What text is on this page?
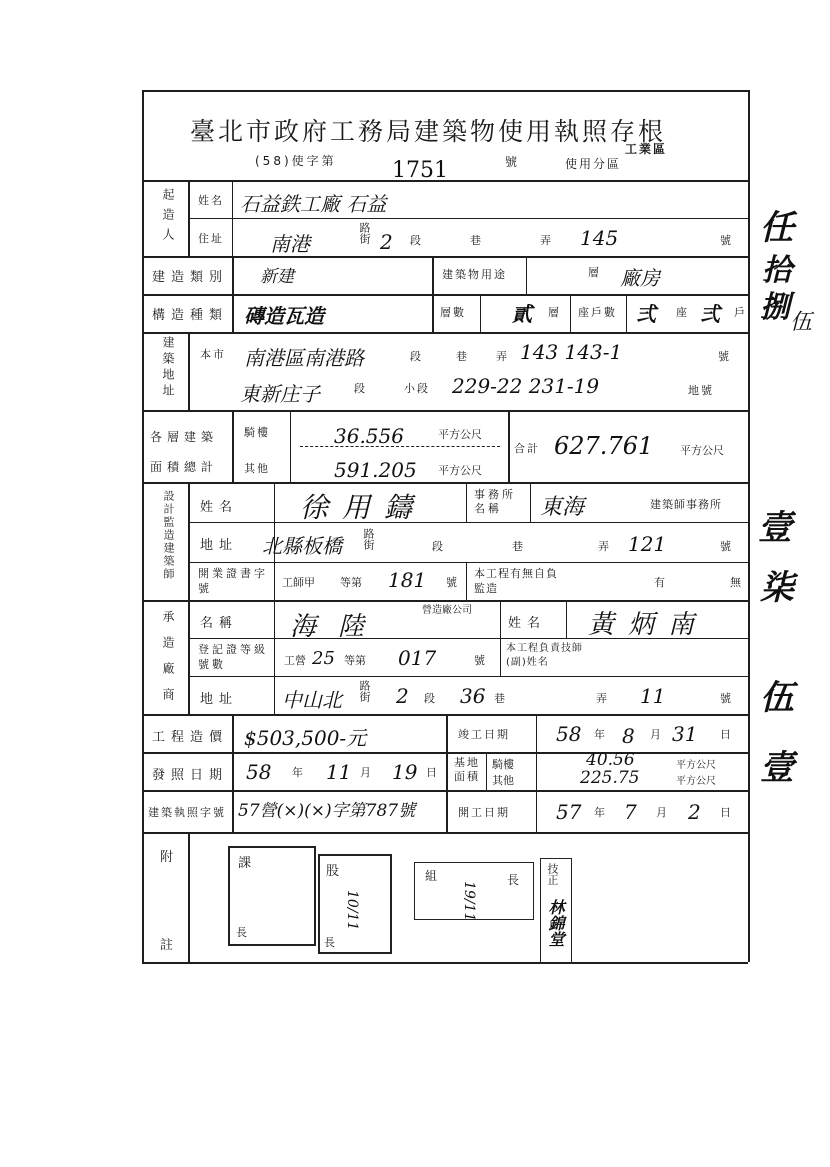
任
拾
捌 伍
壹
柒
伍
壹
臺北市政府工務局建築物使用執照存根
(58)使字第	1751	號	使用分區
工業區
起造人 姓名 石益鉄工廠 石益
住址 南港	路街 2 段	巷	弄 145	號
建造類別 新建	建築物用途	層 廠房
構造種類 磚造瓦造	層數 貳 層 座戶數 弍 座 弍 戶
建築地址 本市 南港區南港路	段	巷 弄 143 143-1	號
東新庄子	段	小段 229-22 231-19	地號
各層建築面積總計
騎樓	36.556	平方公尺
其他	591.205 平方公尺
合計 627.761 平方公尺
設計監造建築師 姓名 徐用鑄	事務所名稱	東海	建築師事務所
地址 北縣板橋 路街	段	巷	弄 121	號
開業證書字號	工師甲 等第 181 號
本工程有無自負監造	有	無
承造廠商 名稱 海陸
營造廠公司
姓名 黃炳南
登記證等級號數	工營 25 等第 017	號
本工程負責技師(副)姓名
地址 中山北 路街 2 段 36 巷	弄 11	號
工程造價 $503,500-元	竣工日期 58 年 8 月 31 日
發照日期 58 年 11 月 19 日
基地面積
騎樓	40.56	平方公尺
其他	225.75	平方公尺
建築執照字號 57營(×)(×)字第787號	開工日期 57 年 7 月 2 日
附
註
課
長
股
10/11
長
組
19/11
長 技正
林錦堂
